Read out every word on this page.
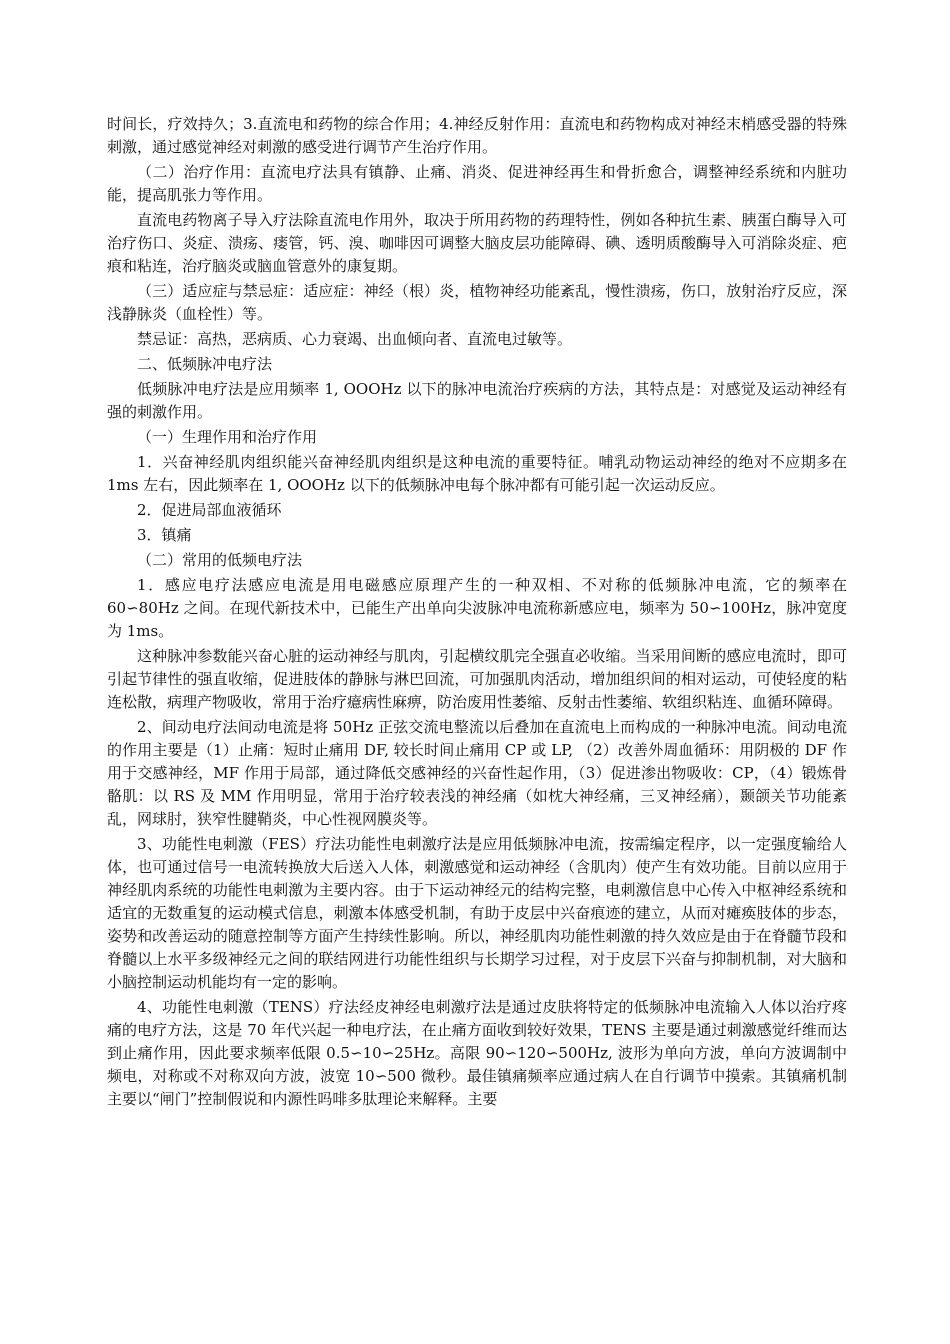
时间长，疗效持久；3.直流电和药物的综合作用；4.神经反射作用：直流电和药物构成对神经末梢感受器的特殊刺激，通过感觉神经对刺激的感受进行调节产生治疗作用。

（二）治疗作用：直流电疗法具有镇静、止痛、消炎、促进神经再生和骨折愈合，调整神经系统和内脏功能，提高肌张力等作用。

直流电药物离子导入疗法除直流电作用外，取决于所用药物的药理特性，例如各种抗生素、胰蛋白酶导入可治疗伤口、炎症、溃疡、瘘管，钙、溴、咖啡因可调整大脑皮层功能障碍、碘、透明质酸酶导入可消除炎症、疤痕和粘连，治疗脑炎或脑血管意外的康复期。

（三）适应症与禁忌症：适应症：神经（根）炎，植物神经功能紊乱，慢性溃疡，伤口，放射治疗反应，深浅静脉炎（血栓性）等。

禁忌证：高热，恶病质、心力衰竭、出血倾向者、直流电过敏等。

二、低频脉冲电疗法

低频脉冲电疗法是应用频率 1, OOOHz 以下的脉冲电流治疗疾病的方法，其特点是：对感觉及运动神经有强的刺激作用。

（一）生理作用和治疗作用

1．兴奋神经肌肉组织能兴奋神经肌肉组织是这种电流的重要特征。哺乳动物运动神经的绝对不应期多在 1ms 左右，因此频率在 1, OOOHz 以下的低频脉冲电每个脉冲都有可能引起一次运动反应。

2．促进局部血液循环

3．镇痛

（二）常用的低频电疗法

1．感应电疗法感应电流是用电磁感应原理产生的一种双相、不对称的低频脉冲电流，它的频率在 60∽80Hz 之间。在现代新技术中，已能生产出单向尖波脉冲电流称新感应电，频率为 50∽100Hz，脉冲宽度为 1ms。

这种脉冲参数能兴奋心脏的运动神经与肌肉，引起横纹肌完全强直必收缩。当采用间断的感应电流时，即可引起节律性的强直收缩，促进肢体的静脉与淋巴回流，可加强肌肉活动，增加组织间的相对运动，可使轻度的粘连松散，病理产物吸收，常用于治疗癔病性麻痹，防治废用性萎缩、反射击性萎缩、软组织粘连、血循环障碍。

2、间动电疗法间动电流是将 50Hz 正弦交流电整流以后叠加在直流电上而构成的一种脉冲电流。间动电流的作用主要是（1）止痛：短时止痛用 DF, 较长时间止痛用 CP 或 LP, （2）改善外周血循环：用阴极的 DF 作用于交感神经，MF 作用于局部，通过降低交感神经的兴奋性起作用，（3）促进渗出物吸收：CP，（4）锻炼骨骼肌：以 RS 及 MM 作用明显，常用于治疗较表浅的神经痛（如枕大神经痛，三叉神经痛），颞颌关节功能紊乱，网球肘，狭窄性腱鞘炎，中心性视网膜炎等。

3、功能性电刺激（FES）疗法功能性电刺激疗法是应用低频脉冲电流，按需编定程序，以一定强度输给人体，也可通过信号一电流转换放大后送入人体，刺激感觉和运动神经（含肌肉）使产生有效功能。目前以应用于神经肌肉系统的功能性电刺激为主要内容。由于下运动神经元的结构完整，电刺激信息中心传入中枢神经系统和适宜的无数重复的运动模式信息，刺激本体感受机制，有助于皮层中兴奋痕迹的建立，从而对瘫痪肢体的步态，姿势和改善运动的随意控制等方面产生持续性影响。所以，神经肌肉功能性刺激的持久效应是由于在脊髓节段和脊髓以上水平多级神经元之间的联结网进行功能性组织与长期学习过程，对于皮层下兴奋与抑制机制，对大脑和小脑控制运动机能均有一定的影响。

4、功能性电刺激（TENS）疗法经皮神经电刺激疗法是通过皮肤将特定的低频脉冲电流输入人体以治疗疼痛的电疗方法，这是 70 年代兴起一种电疗法，在止痛方面收到较好效果，TENS 主要是通过刺激感觉纤维而达到止痛作用，因此要求频率低限 0.5∽10∽25Hz。高限 90∽120∽500Hz, 波形为单向方波，单向方波调制中频电，对称或不对称双向方波，波宽 10∽500 微秒。最佳镇痛频率应通过病人在自行调节中摸索。其镇痛机制主要以“闸门”控制假说和内源性吗啡多肽理论来解释。主要
